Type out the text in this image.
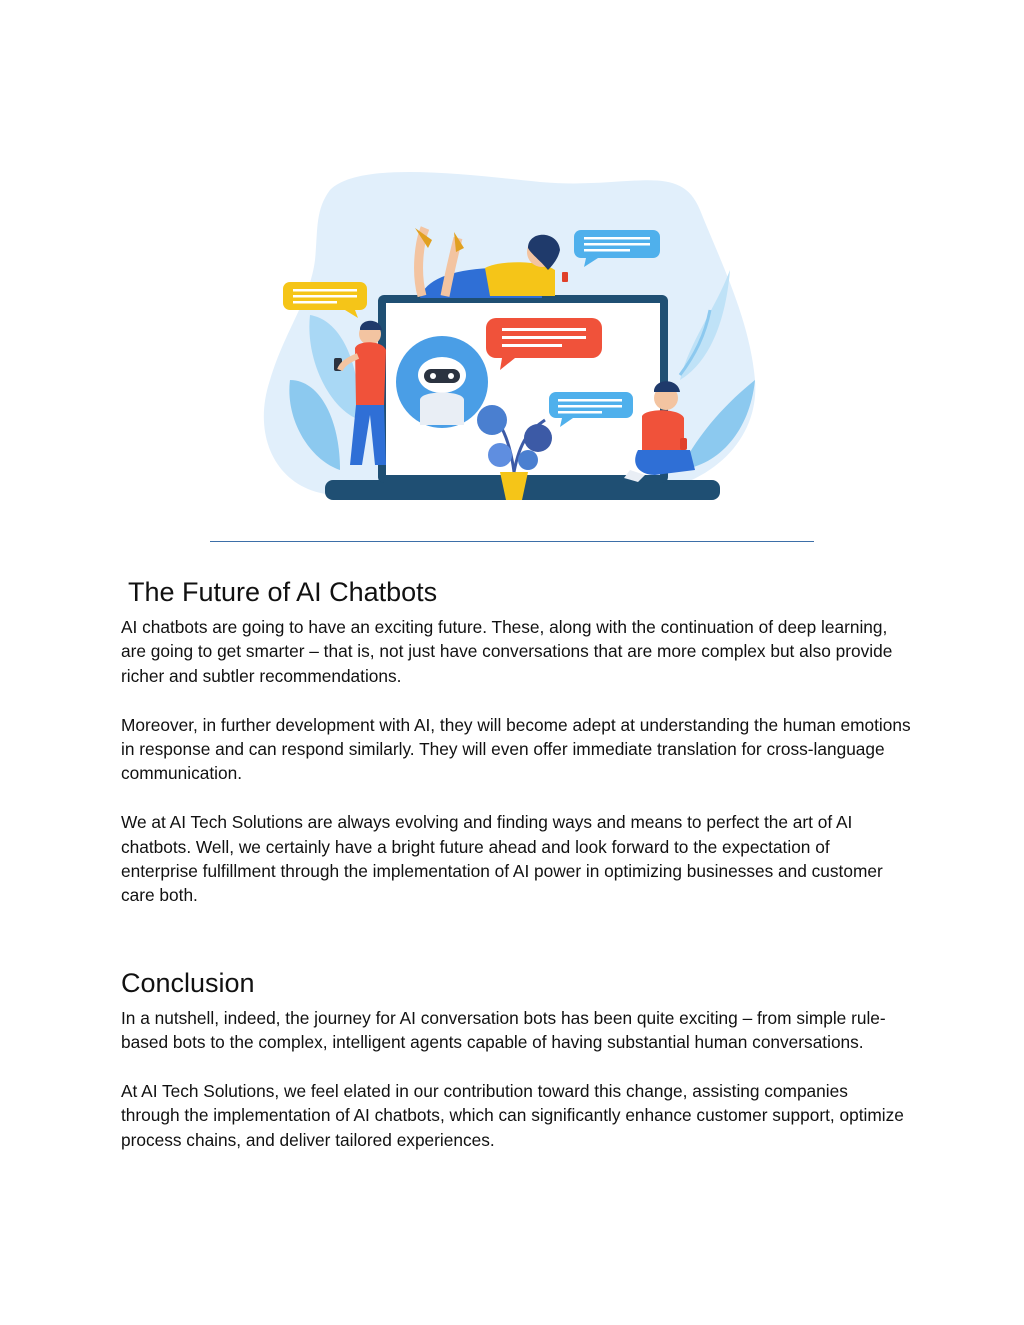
The Future of AI Chatbots

AI chatbots are going to have an exciting future. These, along with the continuation of deep learning, are going to get smarter – that is, not just have conversations that are more complex but also provide richer and subtler recommendations.

Moreover, in further development with AI, they will become adept at understanding the human emotions in response and can respond similarly. They will even offer immediate translation for cross-language communication.

We at AI Tech Solutions are always evolving and finding ways and means to perfect the art of AI chatbots. Well, we certainly have a bright future ahead and look forward to the expectation of enterprise fulfillment through the implementation of AI power in optimizing businesses and customer care both.

Conclusion

In a nutshell, indeed, the journey for AI conversation bots has been quite exciting – from simple rule-based bots to the complex, intelligent agents capable of having substantial human conversations.

At AI Tech Solutions, we feel elated in our contribution toward this change, assisting companies through the implementation of AI chatbots, which can significantly enhance customer support, optimize process chains, and deliver tailored experiences.
